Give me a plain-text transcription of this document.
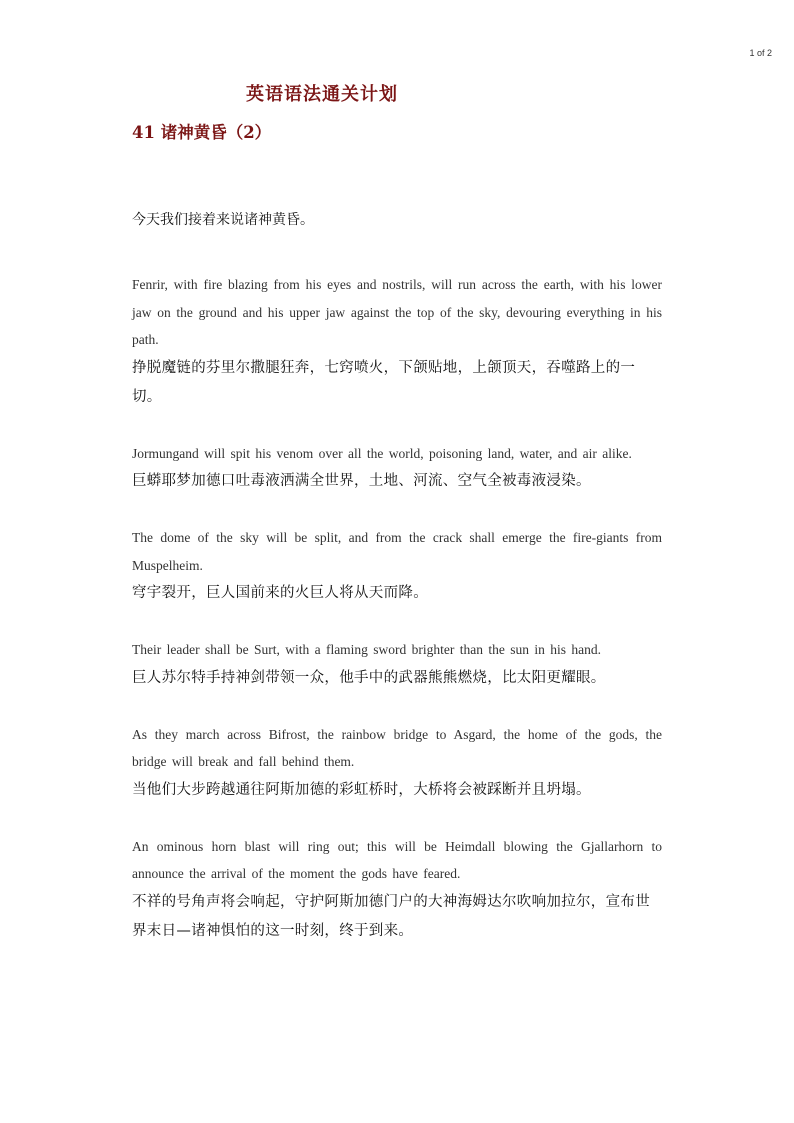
1 of 2
英语语法通关计划
41 诸神黄昏（2）
今天我们接着来说诸神黄昏。
Fenrir, with fire blazing from his eyes and nostrils, will run across the earth, with his lower jaw on the ground and his upper jaw against the top of the sky, devouring everything in his path.
挣脱魔链的芬里尔撒腿狂奔，七窍喷火，下颌贴地，上颌顶天，吞噬路上的一切。
Jormungand will spit his venom over all the world, poisoning land, water, and air alike.
巨蟒耶梦加德口吐毒液洒满全世界，土地、河流、空气全被毒液浸染。
The dome of the sky will be split, and from the crack shall emerge the fire-giants from Muspelheim.
穹宇裂开，巨人国前来的火巨人将从天而降。
Their leader shall be Surt, with a flaming sword brighter than the sun in his hand.
巨人苏尔特手持神剑带领一众，他手中的武器熊熊燃烧，比太阳更耀眼。
As they march across Bifrost, the rainbow bridge to Asgard, the home of the gods, the bridge will break and fall behind them.
当他们大步跨越通往阿斯加德的彩虹桥时，大桥将会被踩断并且坍塌。
An ominous horn blast will ring out; this will be Heimdall blowing the Gjallarhorn to announce the arrival of the moment the gods have feared.
不祥的号角声将会响起，守护阿斯加德门户的大神海姆达尔吹响加拉尔，宣布世界末日—诸神惧怕的这一时刻，终于到来。
